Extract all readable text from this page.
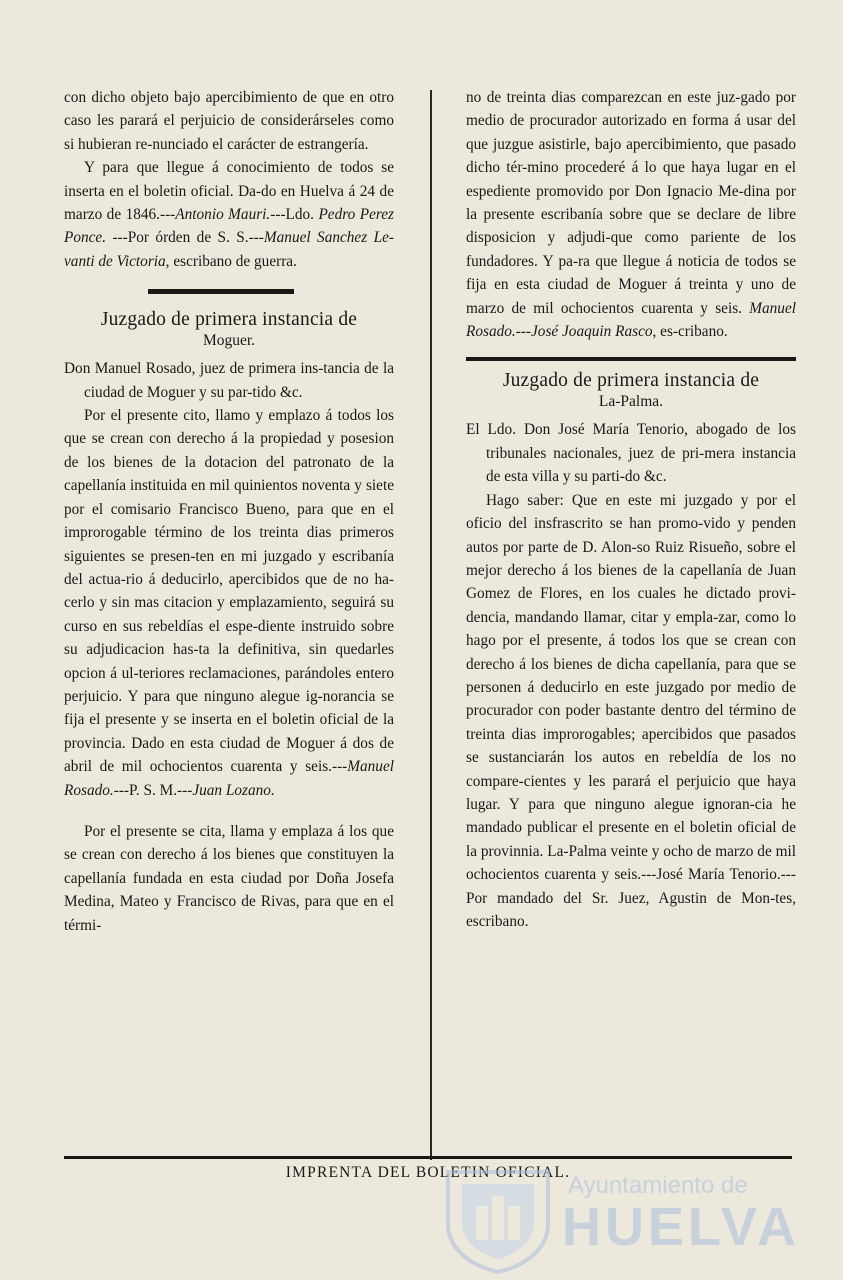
con dicho objeto bajo apercibimiento de que en otro caso les parará el perjuicio de considerárseles como si hubieran re-nunciado el carácter de estrangería.

Y para que llegue á conocimiento de todos se inserta en el boletin oficial. Da-do en Huelva á 24 de marzo de 1846.---Antonio Mauri.---Ldo. Pedro Perez Ponce. ---Por órden de S. S.---Manuel Sanchez Le-vanti de Victoria, escribano de guerra.

Juzgado de primera instancia de
Moguer.

Don Manuel Rosado, juez de primera ins-tancia de la ciudad de Moguer y su par-tido &c.

Por el presente cito, llamo y emplazo á todos los que se crean con derecho á la propiedad y posesion de los bienes de la dotacion del patronato de la capellanía instituida en mil quinientos noventa y siete por el comisario Francisco Bueno, para que en el improrogable término de los treinta dias primeros siguientes se presen-ten en mi juzgado y escribanía del actua-rio á deducirlo, apercibidos que de no ha-cerlo y sin mas citacion y emplazamiento, seguirá su curso en sus rebeldías el espe-diente instruido sobre su adjudicacion has-ta la definitiva, sin quedarles opcion á ul-teriores reclamaciones, parándoles entero perjuicio. Y para que ninguno alegue ig-norancia se fija el presente y se inserta en el boletin oficial de la provincia. Dado en esta ciudad de Moguer á dos de abril de mil ochocientos cuarenta y seis.---Manuel Rosado.---P. S. M.---Juan Lozano.

Por el presente se cita, llama y emplaza á los que se crean con derecho á los bienes que constituyen la capellanía fundada en esta ciudad por Doña Josefa Medina, Mateo y Francisco de Rivas, para que en el térmi-

no de treinta dias comparezcan en este juz-gado por medio de procurador autorizado en forma á usar del que juzgue asistirle, bajo apercibimiento, que pasado dicho tér-mino procederé á lo que haya lugar en el espediente promovido por Don Ignacio Me-dina por la presente escribanía sobre que se declare de libre disposicion y adjudi-que como pariente de los fundadores. Y pa-ra que llegue á noticia de todos se fija en esta ciudad de Moguer á treinta y uno de marzo de mil ochocientos cuarenta y seis. Manuel Rosado.---José Joaquin Rasco, es-cribano.

Juzgado de primera instancia de
La-Palma.

El Ldo. Don José María Tenorio, abogado de los tribunales nacionales, juez de pri-mera instancia de esta villa y su parti-do &c.

Hago saber: Que en este mi juzgado y por el oficio del insfrascrito se han promo-vido y penden autos por parte de D. Alon-so Ruiz Risueño, sobre el mejor derecho á los bienes de la capellanía de Juan Gomez de Flores, en los cuales he dictado provi-dencia, mandando llamar, citar y empla-zar, como lo hago por el presente, á todos los que se crean con derecho á los bienes de dicha capellanía, para que se personen á deducirlo en este juzgado por medio de procurador con poder bastante dentro del término de treinta dias improrogables; apercibidos que pasados se sustanciarán los autos en rebeldía de los no compare-cientes y les parará el perjuicio que haya lugar. Y para que ninguno alegue ignoran-cia he mandado publicar el presente en el boletin oficial de la provinnia. La-Palma veinte y ocho de marzo de mil ochocientos cuarenta y seis.---José María Tenorio.--- Por mandado del Sr. Juez, Agustin de Mon-tes, escribano.

IMPRENTA DEL BOLETIN OFICIAL.
Ayuntamiento de
HUELVA
